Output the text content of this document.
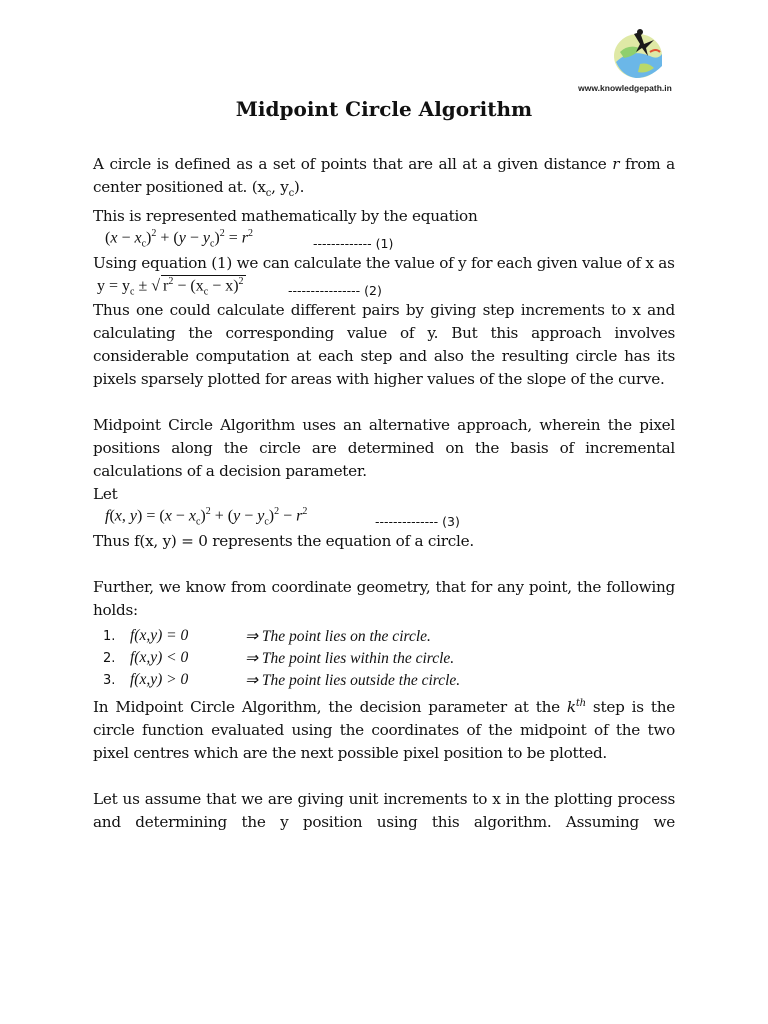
www.knowledgepath.in
Midpoint Circle Algorithm

A circle is defined as a set of points that are all at a given distance r from a center positioned at. ($x_c$, $y_c$).

This is represented mathematically by the equation

$(x - x_c)^2 + (y - y_c)^2 = r^2$
------------- (1)

Using equation (1) we can calculate the value of y for each given value of x as

$y = y_c$ ± √ $r^2 - (x_c - x)^2$
---------------- (2)

Thus one could calculate different pairs by giving step increments to x and calculating the corresponding value of y. But this approach involves considerable computation at each step and also the resulting circle has its pixels sparsely plotted for areas with higher values of the slope of the curve.

Midpoint Circle Algorithm uses an alternative approach, wherein the pixel positions along the circle are determined on the basis of incremental calculations of a decision parameter.

Let

f(x, $y) = (x - x_c)^2 + (y - y_c)^2 - r^2$
-------------- (3)

Thus f(x, y) = 0 represents the equation of a circle.

Further, we know from coordinate geometry, that for any point, the following holds:

1. f(x,y) = 0	⇒ The point lies on the circle.
2. f(x,y) < 0	⇒ The point lies within the circle.
3. f(x,y) > 0	⇒ The point lies outside the circle.

In Midpoint Circle Algorithm, the decision parameter at the $k^{th}$ step is the circle function evaluated using the coordinates of the midpoint of the two pixel centres which are the next possible pixel position to be plotted.

Let us assume that we are giving unit increments to x in the plotting process and determining the y position using this algorithm. Assuming we
